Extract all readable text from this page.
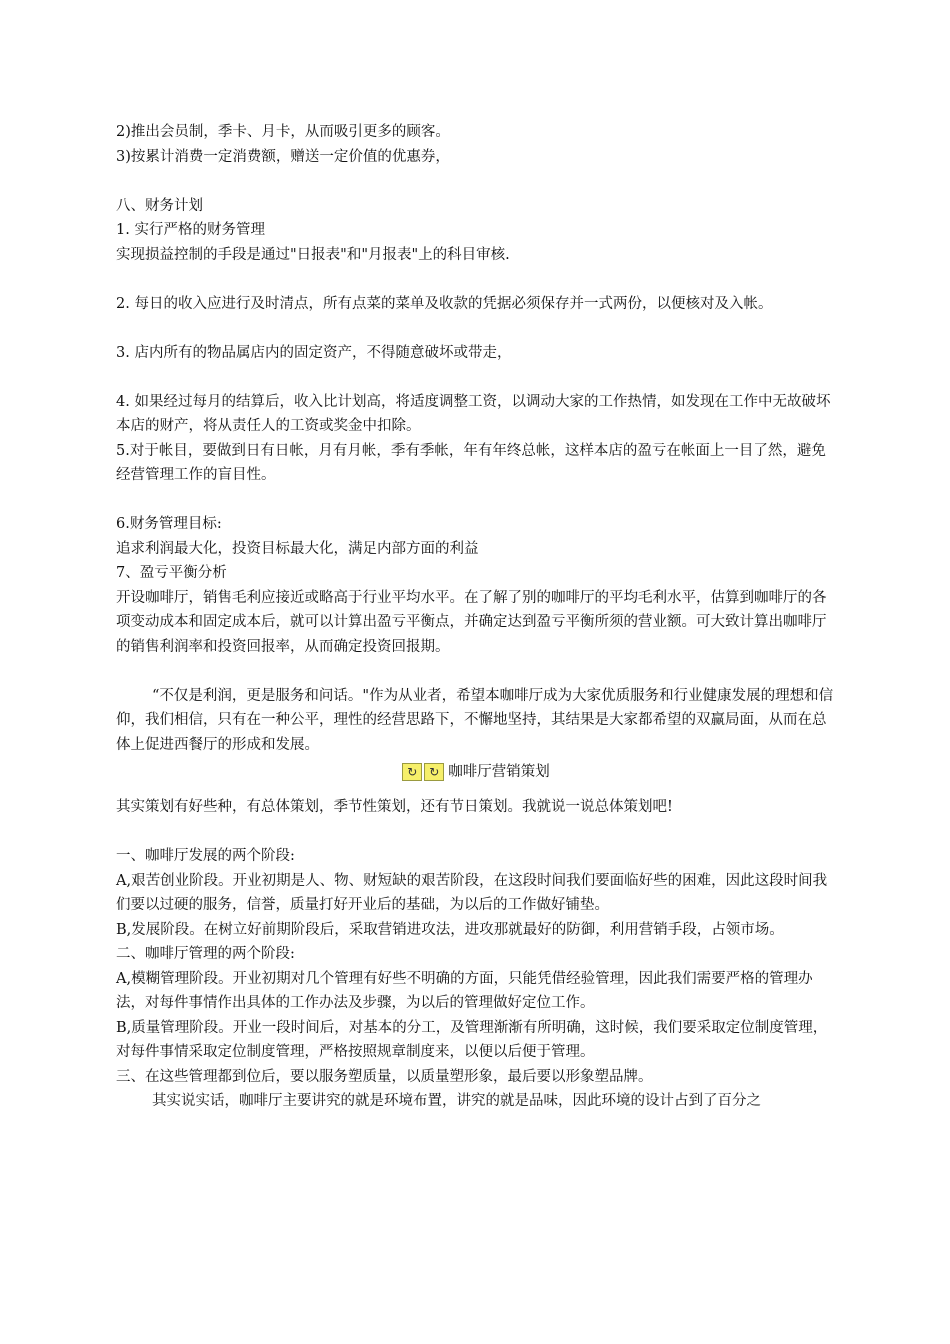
2)推出会员制，季卡、月卡，从而吸引更多的顾客。
3)按累计消费一定消费额，赠送一定价值的优惠券，
八、财务计划
1. 实行严格的财务管理
实现损益控制的手段是通过"日报表"和"月报表"上的科目审核.
2. 每日的收入应进行及时清点，所有点菜的菜单及收款的凭据必须保存并一式两份，以便核对及入帐。
3. 店内所有的物品属店内的固定资产，不得随意破坏或带走，
4. 如果经过每月的结算后，收入比计划高，将适度调整工资，以调动大家的工作热情，如发现在工作中无故破坏本店的财产，将从责任人的工资或奖金中扣除。
5.对于帐目，要做到日有日帐，月有月帐，季有季帐，年有年终总帐，这样本店的盈亏在帐面上一目了然，避免经营管理工作的盲目性。
6.财务管理目标:
追求利润最大化，投资目标最大化，满足内部方面的利益
7、盈亏平衡分析
开设咖啡厅，销售毛利应接近或略高于行业平均水平。在了解了别的咖啡厅的平均毛利水平，估算到咖啡厅的各项变动成本和固定成本后，就可以计算出盈亏平衡点，并确定达到盈亏平衡所须的营业额。可大致计算出咖啡厅的销售利润率和投资回报率，从而确定投资回报期。
“不仅是利润，更是服务和问话。"作为从业者，希望本咖啡厅成为大家优质服务和行业健康发展的理想和信仰，我们相信，只有在一种公平，理性的经营思路下，不懈地坚持，其结果是大家都希望的双赢局面，从而在总体上促进西餐厅的形成和发展。
↻ ↻ 咖啡厅营销策划
其实策划有好些种，有总体策划，季节性策划，还有节日策划。我就说一说总体策划吧!
一、咖啡厅发展的两个阶段:
A,艰苦创业阶段。开业初期是人、物、财短缺的艰苦阶段，在这段时间我们要面临好些的困难，因此这段时间我们要以过硬的服务，信誉，质量打好开业后的基础，为以后的工作做好铺垫。
B,发展阶段。在树立好前期阶段后，采取营销进攻法，进攻那就最好的防御，利用营销手段，占领市场。
二、咖啡厅管理的两个阶段:
A,模糊管理阶段。开业初期对几个管理有好些不明确的方面，只能凭借经验管理，因此我们需要严格的管理办法，对每件事情作出具体的工作办法及步骤，为以后的管理做好定位工作。
B,质量管理阶段。开业一段时间后，对基本的分工，及管理渐渐有所明确，这时候，我们要采取定位制度管理，对每件事情采取定位制度管理，严格按照规章制度来，以便以后便于管理。
三、在这些管理都到位后，要以服务塑质量，以质量塑形象，最后要以形象塑品牌。
其实说实话，咖啡厅主要讲究的就是环境布置，讲究的就是品味，因此环境的设计占到了百分之
